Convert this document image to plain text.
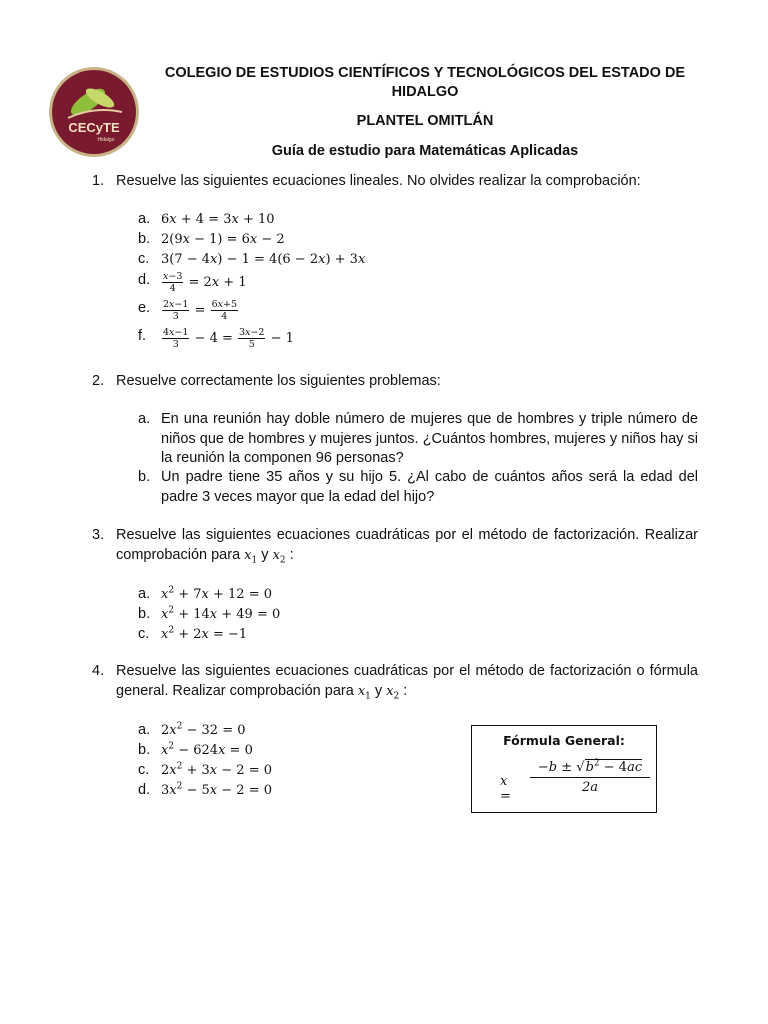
CECyTE
Hidalgo
COLEGIO DE ESTUDIOS CIENTÍFICOS Y TECNOLÓGICOS DEL ESTADO DE HIDALGO
PLANTEL OMITLÁN
Guía de estudio para Matemáticas Aplicadas
1. Resuelve las siguientes ecuaciones lineales. No olvides realizar la comprobación:
a. 6x + 4 = 3x + 10
b. 2(9x − 1) = 6x − 2
c. 3(7 − 4x) − 1 = 4(6 − 2x) + 3x
d. $\frac{x-3}{4} = 2x + 1$
e. $\frac{2x-1}{3} = \frac{6x+5}{4}$
f. $\frac{4x-1}{3} - 4 = \frac{3x-2}{5} - 1$
2. Resuelve correctamente los siguientes problemas:
a. En una reunión hay doble número de mujeres que de hombres y triple número de niños que de hombres y mujeres juntos. ¿Cuántos hombres, mujeres y niños hay si la reunión la componen 96 personas?
b. Un padre tiene 35 años y su hijo 5. ¿Al cabo de cuántos años será la edad del padre 3 veces mayor que la edad del hijo?
3. Resuelve las siguientes ecuaciones cuadráticas por el método de factorización. Realizar comprobación para $x_1$ y $x_2$ :
a. $x^2 + 7x + 12 = 0$
b. $x^2 + 14x + 49 = 0$
c. $x^2 + 2x = -1$
4. Resuelve las siguientes ecuaciones cuadráticas por el método de factorización o fórmula general. Realizar comprobación para $x_1$ y $x_2$ :
a. $2x^2 - 32 = 0$
b. $x^2 - 624x = 0$
c. $2x^2 + 3x - 2 = 0$
d. $3x^2 - 5x - 2 = 0$
Fórmula General:
x =
$-b \pm √b^2 - 4ac$
2a
